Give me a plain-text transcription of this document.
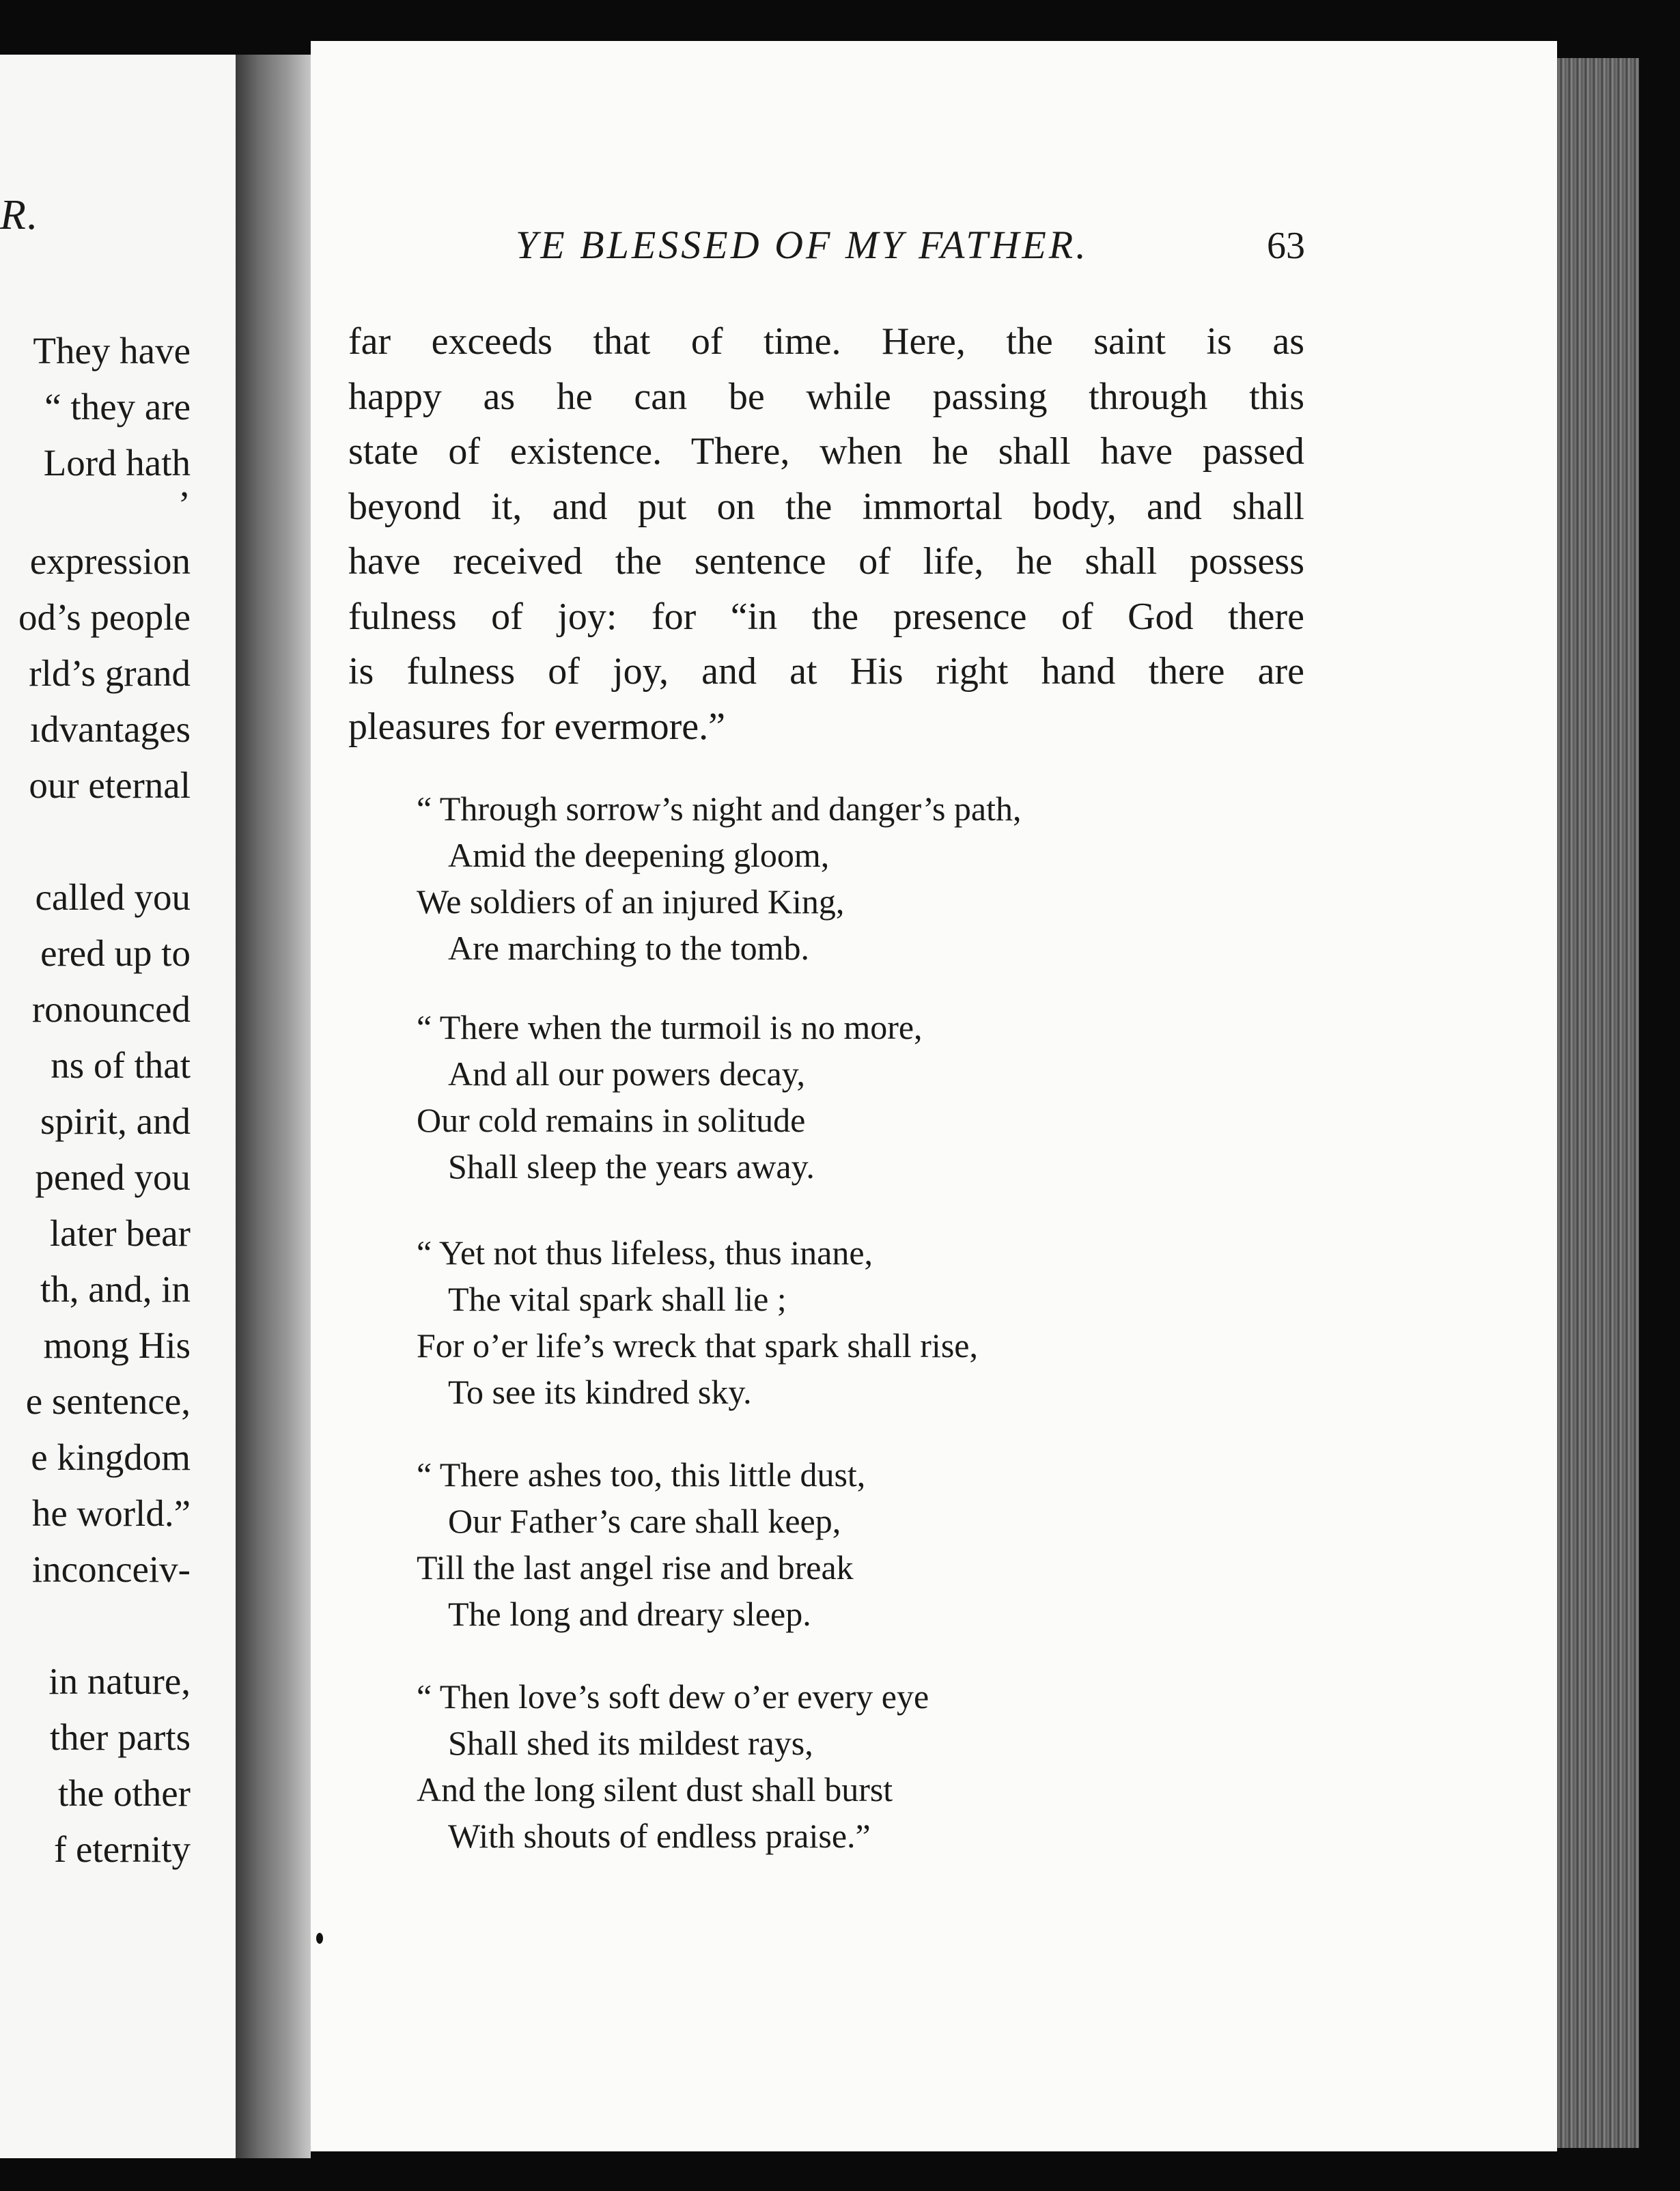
R.
They have
“ they are
Lord hath
’
expression
od’s people
rld’s grand
ıdvantages
our eternal
called you
ered up to
ronounced
ns of that
spirit, and
pened you
later bear
th, and, in
mong His
e sentence,
e kingdom
he world.”
inconceiv-
in nature,
ther parts
the other
f eternity
YE BLESSED OF MY FATHER.	63
far exceeds that of time. Here, the saint is as
happy as he can be while passing through this
state of existence. There, when he shall have passed
beyond it, and put on the immortal body, and shall
have received the sentence of life, he shall possess
fulness of joy: for “in the presence of God there
is fulness of joy, and at His right hand there are
pleasures for evermore.”
“ Through sorrow’s night and danger’s path,
Amid the deepening gloom,
We soldiers of an injured King,
Are marching to the tomb.
“ There when the turmoil is no more,
And all our powers decay,
Our cold remains in solitude
Shall sleep the years away.
“ Yet not thus lifeless, thus inane,
The vital spark shall lie ;
For o’er life’s wreck that spark shall rise,
To see its kindred sky.
“ There ashes too, this little dust,
Our Father’s care shall keep,
Till the last angel rise and break
The long and dreary sleep.
“ Then love’s soft dew o’er every eye
Shall shed its mildest rays,
And the long silent dust shall burst
With shouts of endless praise.”
